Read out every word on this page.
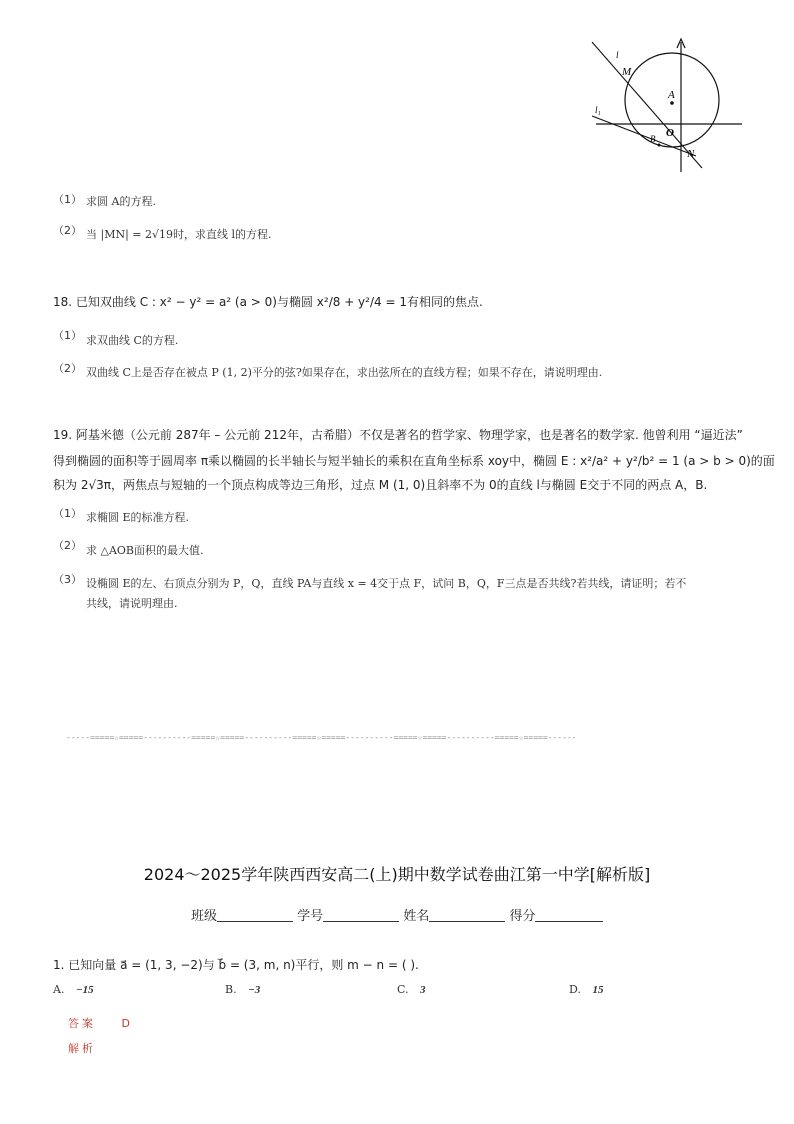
l
M
A
l₁
B O
N
（1） 求圆 A的方程.
（2） 当 |MN| = 2√19时，求直线 l的方程.
18. 已知双曲线 C : x² − y² = a² (a > 0)与椭圆 x²/8 + y²/4 = 1有相同的焦点.
（1） 求双曲线 C的方程.
（2） 双曲线 C上是否存在被点 P (1, 2)平分的弦?如果存在，求出弦所在的直线方程；如果不存在，请说明理由.
19. 阿基米德（公元前 287年 – 公元前 212年，古希腊）不仅是著名的哲学家、物理学家，也是著名的数学家. 他曾利用 “逼近法”
得到椭圆的面积等于圆周率 π乘以椭圆的长半轴长与短半轴长的乘积在直角坐标系 xoy中，椭圆 E : x²/a² + y²/b² = 1 (a > b > 0)的面
积为 2√3π，两焦点与短轴的一个顶点构成等边三角形，过点 M (1, 0)且斜率不为 0的直线 l与椭圆 E交于不同的两点 A，B.
（1） 求椭圆 E的标准方程.
（2） 求 △AOB面积的最大值.
（3） 设椭圆 E的左、右顶点分别为 P，Q，直线 PA与直线 x = 4交于点 F，试问 B，Q，F三点是否共线?若共线，请证明；若不
共线，请说明理由.
-----=====☆=====----------=====☆=====----------=====☆=====----------=====☆=====----------=====☆=====------
2024～2025学年陕西西安高二(上)期中数学试卷曲江第一中学[解析版]
班级	学号	姓名	得分
1. 已知向量 a⃗ = (1, 3, −2)与 b⃗ = (3, m, n)平行，则 m − n = ( ).
A. −15	B. −3	C. 3	D. 15
答案 D
解析
